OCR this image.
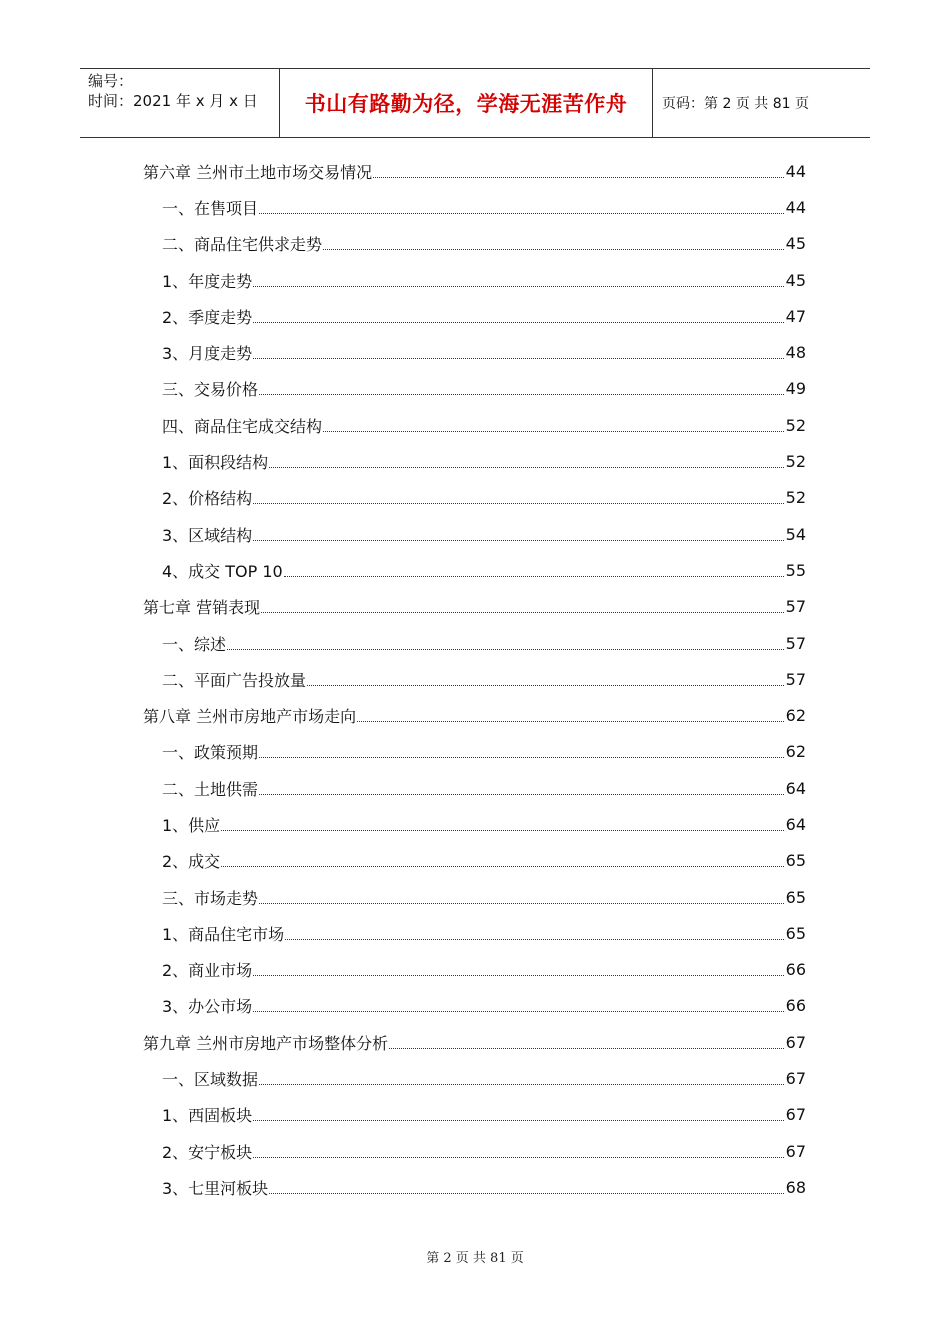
编号：
时间：2021 年 x 月 x 日	书山有路勤为径，学海无涯苦作舟 页码：第 2 页 共 81 页
第六章 兰州市土地市场交易情况	44
一、在售项目	44
二、商品住宅供求走势	45
1、年度走势	45
2、季度走势	47
3、月度走势	48
三、交易价格	49
四、商品住宅成交结构	52
1、面积段结构	52
2、价格结构	52
3、区域结构	54
4、成交 TOP 10	55
第七章 营销表现	57
一、综述	57
二、平面广告投放量	57
第八章 兰州市房地产市场走向	62
一、政策预期	62
二、土地供需	64
1、供应	64
2、成交	65
三、市场走势	65
1、商品住宅市场	65
2、商业市场	66
3、办公市场	66
第九章 兰州市房地产市场整体分析	67
一、区域数据	67
1、西固板块	67
2、安宁板块	67
3、七里河板块	68
第 2 页 共 81 页
